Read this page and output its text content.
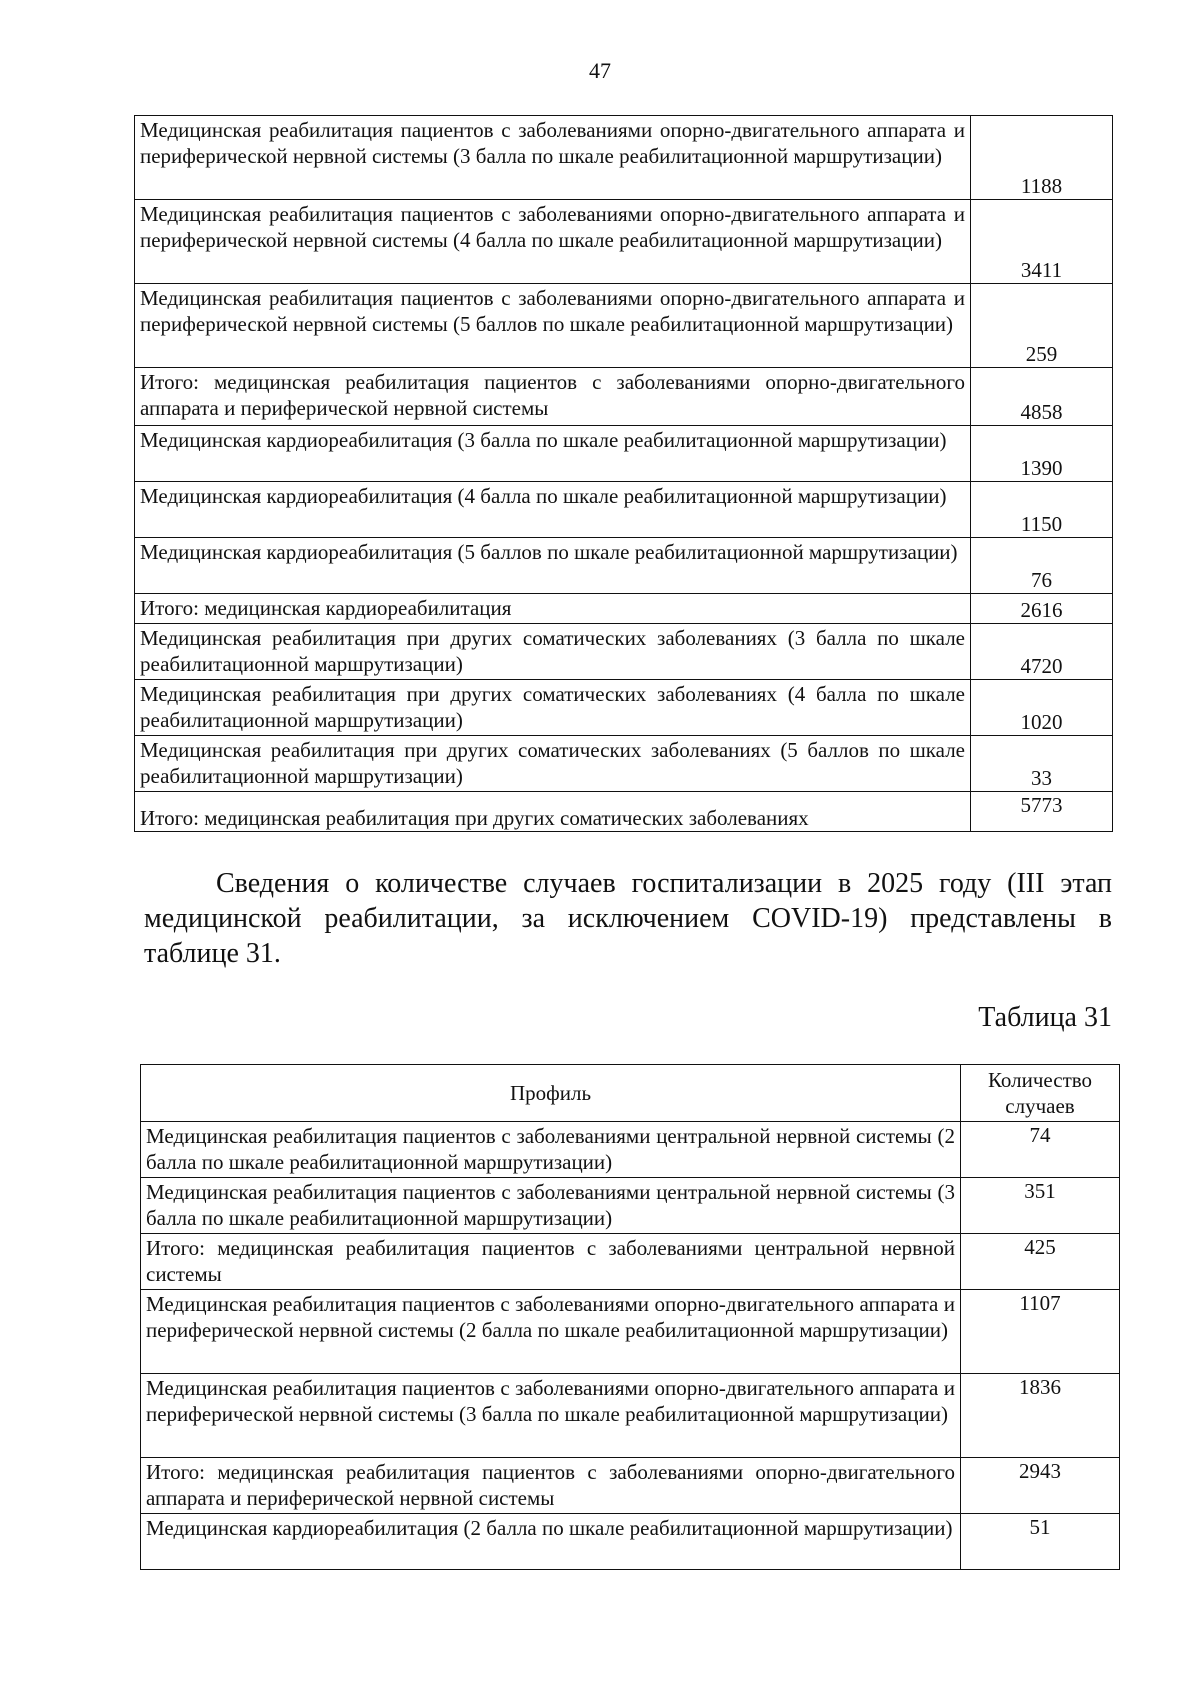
47
Медицинская реабилитация пациентов с заболеваниями опорно-двигательного аппарата и периферической нервной системы (3 балла по шкале реабилитационной маршрутизации)	1188
Медицинская реабилитация пациентов с заболеваниями опорно-двигательного аппарата и периферической нервной системы (4 балла по шкале реабилитационной маршрутизации)	3411
Медицинская реабилитация пациентов с заболеваниями опорно-двигательного аппарата и периферической нервной системы (5 баллов по шкале реабилитационной маршрутизации)	259
Итого: медицинская реабилитация пациентов с заболеваниями опорно-двигательного аппарата и периферической нервной системы	4858
Медицинская кардиореабилитация (3 балла по шкале реабилитационной маршрутизации)	1390
Медицинская кардиореабилитация (4 балла по шкале реабилитационной маршрутизации)	1150
Медицинская кардиореабилитация (5 баллов по шкале реабилитационной маршрутизации)	76
Итого: медицинская кардиореабилитация	2616
Медицинская реабилитация при других соматических заболеваниях (3 балла по шкале реабилитационной маршрутизации)	4720
Медицинская реабилитация при других соматических заболеваниях (4 балла по шкале реабилитационной маршрутизации)	1020
Медицинская реабилитация при других соматических заболеваниях (5 баллов по шкале реабилитационной маршрутизации)	33
Итого: медицинская реабилитация при других соматических заболеваниях	5773

Сведения о количестве случаев госпитализации в 2025 году (III этап медицинской реабилитации, за исключением COVID-19) представлены в таблице 31.

Таблица 31

Профиль	Количество случаев
Медицинская реабилитация пациентов с заболеваниями центральной нервной системы (2 балла по шкале реабилитационной маршрутизации)	74
Медицинская реабилитация пациентов с заболеваниями центральной нервной системы (3 балла по шкале реабилитационной маршрутизации)	351
Итого: медицинская реабилитация пациентов с заболеваниями центральной нервной системы	425
Медицинская реабилитация пациентов с заболеваниями опорно-двигательного аппарата и периферической нервной системы (2 балла по шкале реабилитационной маршрутизации)	1107
Медицинская реабилитация пациентов с заболеваниями опорно-двигательного аппарата и периферической нервной системы (3 балла по шкале реабилитационной маршрутизации)	1836
Итого: медицинская реабилитация пациентов с заболеваниями опорно-двигательного аппарата и периферической нервной системы	2943
Медицинская кардиореабилитация (2 балла по шкале реабилитационной маршрутизации)	51
